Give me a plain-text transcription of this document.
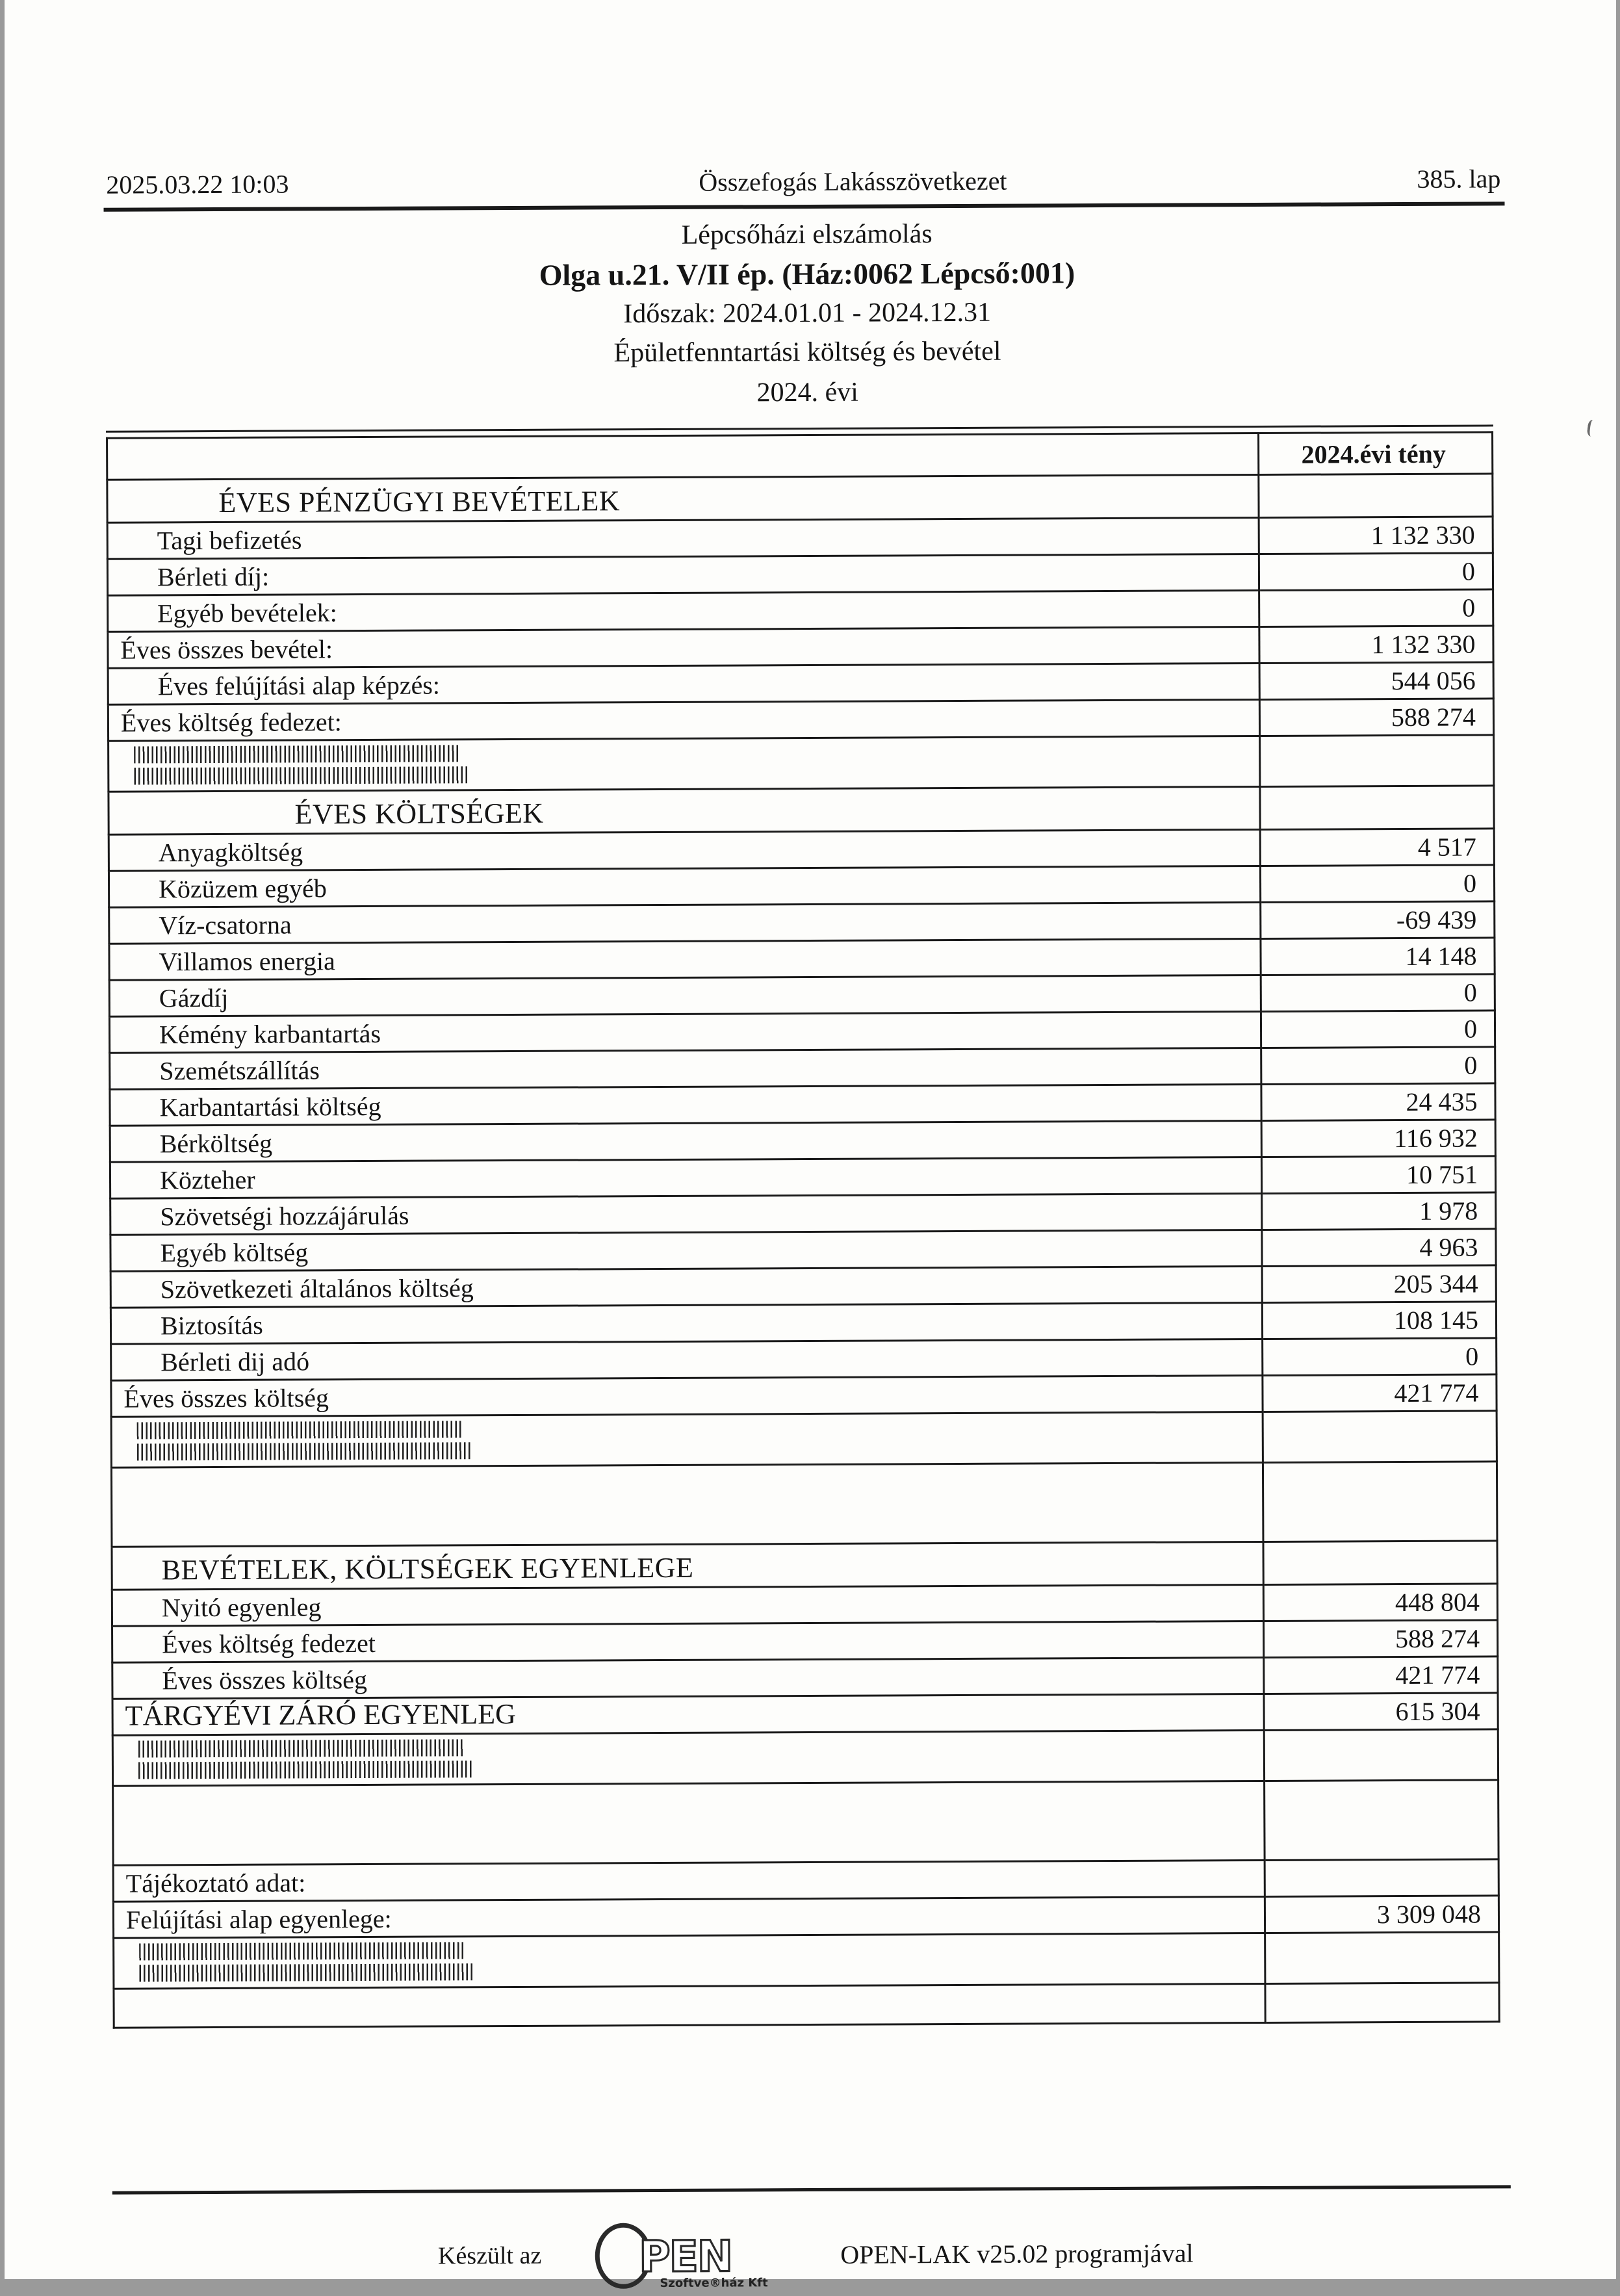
2025.03.22 10:03	Összefogás Lakásszövetkezet	385. lap
Lépcsőházi elszámolás
Olga u.21. V/II ép. (Ház:0062 Lépcső:001)
Időszak: 2024.01.01 - 2024.12.31
Épületfenntartási költség és bevétel
2024. évi
	2024.évi tény
ÉVES PÉNZÜGYI BEVÉTELEK	
Tagi befizetés	1 132 330
Bérleti díj:	0
Egyéb bevételek:	0
Éves összes bevétel:	1 132 330
Éves felújítási alap képzés:	544 056
Éves költség fedezet:	588 274

ÉVES KÖLTSÉGEK	
Anyagköltség	4 517
Közüzem egyéb	0
Víz-csatorna	-69 439
Villamos energia	14 148
Gázdíj	0
Kémény karbantartás	0
Szemétszállítás	0
Karbantartási költség	24 435
Bérköltség	116 932
Közteher	10 751
Szövetségi hozzájárulás	1 978
Egyéb költség	4 963
Szövetkezeti általános költség	205 344
Biztosítás	108 145
Bérleti dij adó	0
Éves összes költség	421 774

BEVÉTELEK, KÖLTSÉGEK EGYENLEGE	
Nyitó egyenleg	448 804
Éves költség fedezet	588 274
Éves összes költség	421 774
TÁRGYÉVI ZÁRÓ EGYENLEG	615 304

Tájékoztató adat:	
Felújítási alap egyenlege:	3 309 048

Készült az PEN
Szoftve®ház Kft
OPEN-LAK v25.02 programjával
